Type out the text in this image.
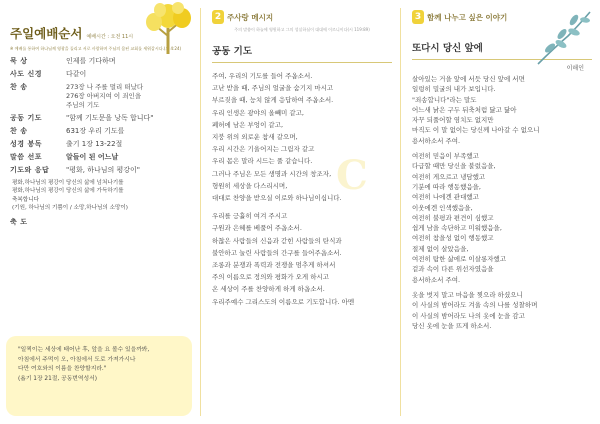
주일예배순서 예배시간 : 오전 11시
※ 예배를 통하여 하나님께 영광을 돌리고 서로 사랑하며 주님의 몸된 교회를 세워갑시다.(요 4:24)
묵 상	인제를 기다하며
사도 신경	다같이
찬 송	273장 나 주를 멀리 떠났다
276장 아버지여 이 죄인을
주님의 기도
공동 기도	"함께 기도문을 낭독 합니다"
찬 송	631장 우리 기도를
성경 봉독	출기 1장 13-22절
말씀 선포	알들이 된 어느날
기도와 응답	"평화, 하나님의 평강이"
평화,하나님의 평강이 당신의 삶에 넘쳐나기를
평화,하나님의 평강이 당신의 삶에 가득하기를
축복합니다
(기원, 하나님의 기쁨이 / 소망,하나님의 소망이)
축 도
"일찍이는 세상에 태어난 후, 앞을 요 볼수 있을까봐,
아침에서 주먹이 오, 아침에서 도로 가져가시나
다만 여호와의 이름을 찬양할지라."
(욥기 1장 21절, 공동번역성서)
2 주사랑 메시지
주의 말씀이 하늘에 영원하고 그의 성실하심이 대대에 이르니이다(시 119:89)
공동 기도
주여, 우리의 기도를 들어 주옵소서.
고난 받을 때, 주님의 얼굴을 숨기지 마시고
부르짖을 때, 능치 않게 응답하여 주옵소서.
우리 인생은 광야의 올빼미 같고,
폐허에 남은 부엉이 같고,
지붕 위의 외로운 참새 같으며,
우리 시간은 기울어지는 그림자 같고
우리 몸은 말라 시드는 풀 같습니다.
그러나 주님은 모든 생명과 시간의 창조자,
형원히 세상을 다스리시며,
대대로 찬양을 받으실 이로와 하나님이십니다.
우리를 긍휼히 여겨 주시고
구원과 은혜를 베풀어 주옵소서.
하찮은 사람들의 신음과 갇힌 사람들의 탄식과
불안하고 눌린 사람들의 간구를 들어주옵소서.
조롱과 분쟁과 폭력과 전쟁을 멈추게 하셔서
주의 이름으로 정의와 평화가 오게 하시고
온 세상이 주를 찬양하게 하게 하옵소서.
우리주예수 그리스도의 이름으로 기도합니다. 아멘
C
3 함께 나누고 싶은 이야기
또다시 당신 앞에
이해인
살아있는 거을 앞에 서듯 당신 앞에 서면
일렁히 밀굴의 내가 보입니다.
"죄송합니다"라는 말도
어느새 낡은 구두 뒤축처럼 닳고 닳아
자꾸 되풀어할 염치도 없지만
마직도 이 말 없이는 당신께 나아갈 수 없으니
용서하소서 주여.
여전히 믿음이 부족했고
다급할 때만 당신을 불렀음을,
여전히 게으르고 냉담했고
기분에 따라 행동했음을,
여전히 나에겐 관대했고
이웃에겐 인색했음을,
여전히 불평과 편견이 심했고
쉽게 남을 속단하고 미워했음을,
여전히 참을성 없이 행동했고
절제 없이 살았음을,
여전히 탐한 삶에로 이살롱자했고
겉과 속이 다른 위선자였음을
용서하소서 주여.
옷을 벗지 말고 마음을 찢으라 하셨으니
이 사실의 밤어라도 겨울 속의 나를 성찰하며
이 사실의 밤어라도 나의 옷에 눈을 감고
당신 옷에 눈을 뜨게 하소서.
